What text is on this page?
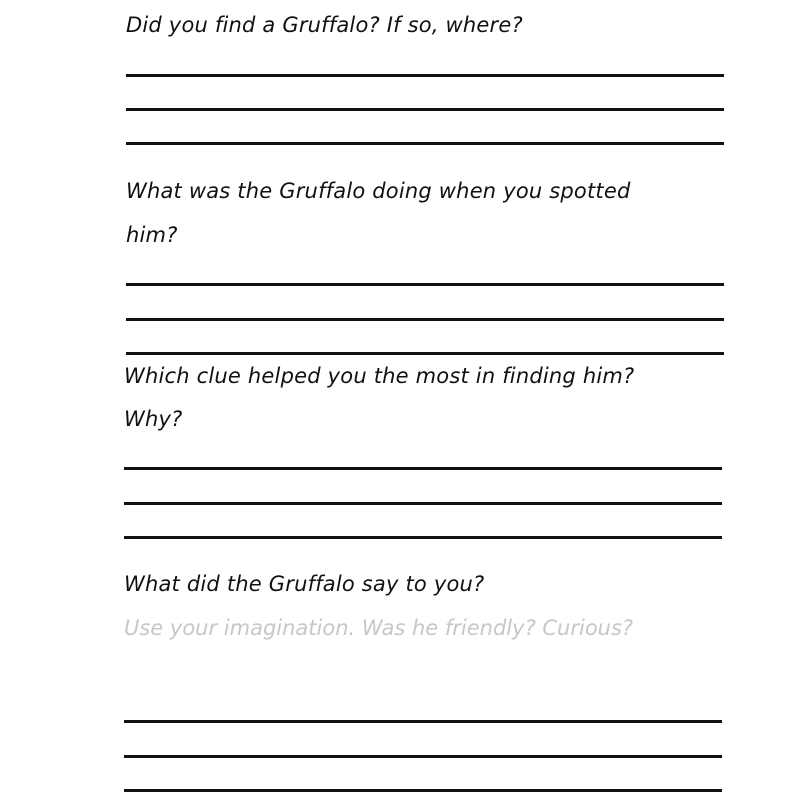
Did you find a Gruffalo? If so, where?
What was the Gruffalo doing when you spotted
him?
Which clue helped you the most in finding him?
Why?
What did the Gruffalo say to you?
Use your imagination. Was he friendly? Curious?
